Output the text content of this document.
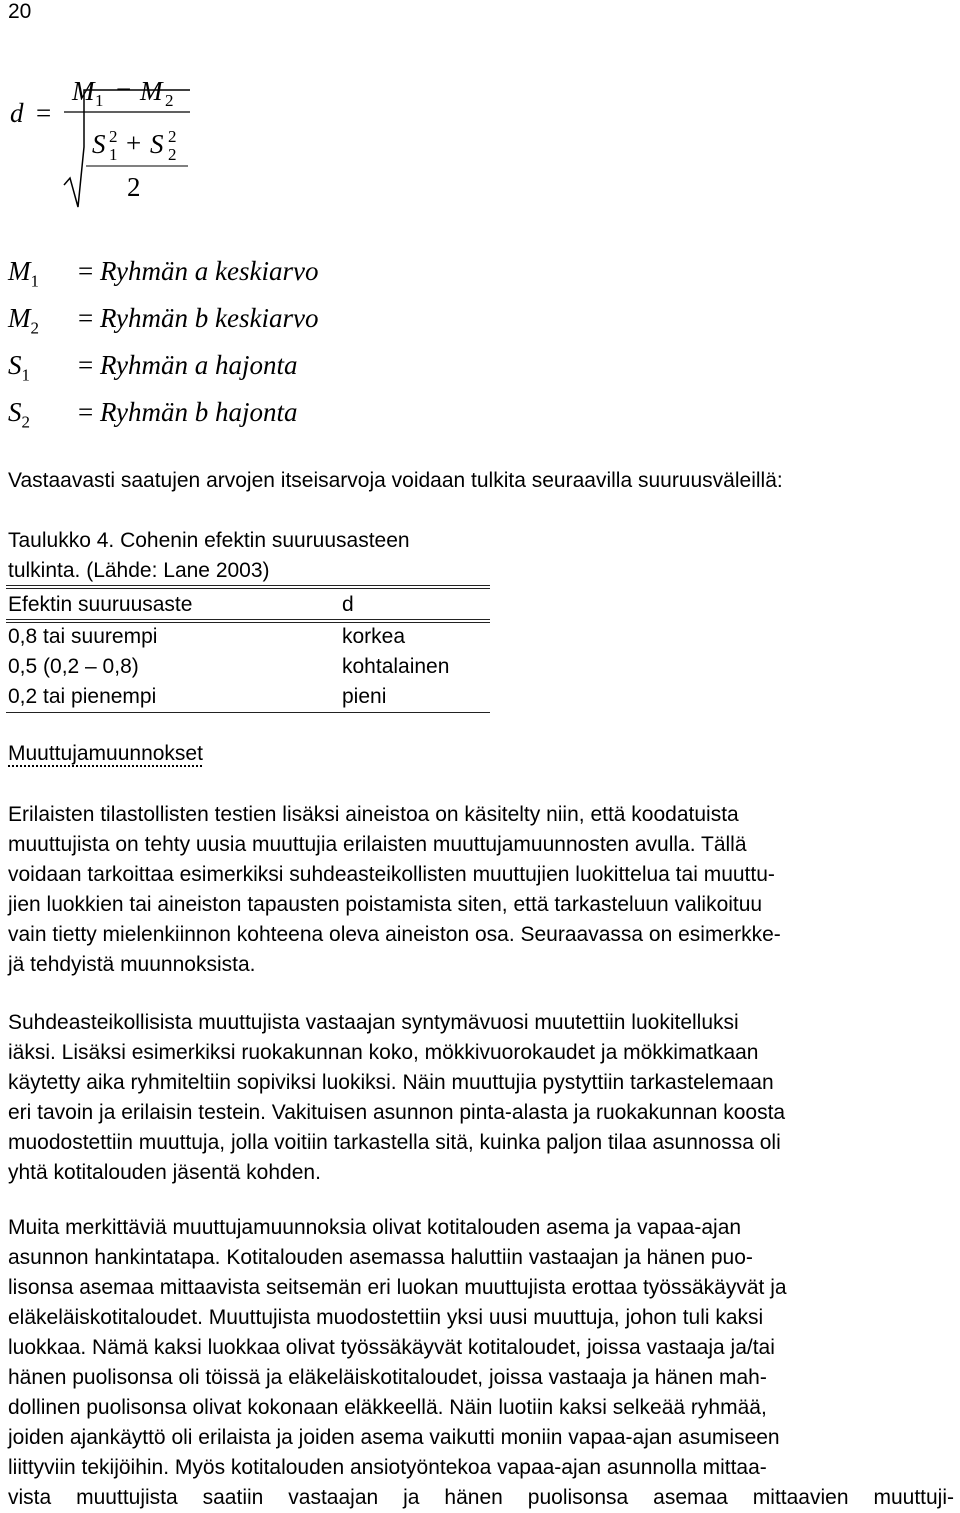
20
d =
M 1 − M 2
S 1
2 + S 2
2
2
$M_1$ = Ryhmän a keskiarvo
$M_2$ = Ryhmän b keskiarvo
$S_1$ = Ryhmän a hajonta
$S_2$ = Ryhmän b hajonta
Vastaavasti saatujen arvojen itseisarvoja voidaan tulkita seuraavilla suuruusväleillä:
Taulukko 4. Cohenin efektin suuruusasteen
tulkinta. (Lähde: Lane 2003)
Efektin suuruusaste	d
0,8 tai suurempi	korkea
0,5 (0,2 – 0,8)	kohtalainen
0,2 tai pienempi	pieni
Muuttujamuunnokset
Erilaisten tilastollisten testien lisäksi aineistoa on käsitelty niin, että koodatuista
muuttujista on tehty uusia muuttujia erilaisten muuttujamuunnosten avulla. Tällä
voidaan tarkoittaa esimerkiksi suhdeasteikollisten muuttujien luokittelua tai muuttu-
jien luokkien tai aineiston tapausten poistamista siten, että tarkasteluun valikoituu
vain tietty mielenkiinnon kohteena oleva aineiston osa. Seuraavassa on esimerkke-
jä tehdyistä muunnoksista.
Suhdeasteikollisista muuttujista vastaajan syntymävuosi muutettiin luokitelluksi
iäksi. Lisäksi esimerkiksi ruokakunnan koko, mökkivuorokaudet ja mökkimatkaan
käytetty aika ryhmiteltiin sopiviksi luokiksi. Näin muuttujia pystyttiin tarkastelemaan
eri tavoin ja erilaisin testein. Vakituisen asunnon pinta-alasta ja ruokakunnan koosta
muodostettiin muuttuja, jolla voitiin tarkastella sitä, kuinka paljon tilaa asunnossa oli
yhtä kotitalouden jäsentä kohden.
Muita merkittäviä muuttujamuunnoksia olivat kotitalouden asema ja vapaa-ajan
asunnon hankintatapa. Kotitalouden asemassa haluttiin vastaajan ja hänen puo-
lisonsa asemaa mittaavista seitsemän eri luokan muuttujista erottaa työssäkäyvät ja
eläkeläiskotitaloudet. Muuttujista muodostettiin yksi uusi muuttuja, johon tuli kaksi
luokkaa. Nämä kaksi luokkaa olivat työssäkäyvät kotitaloudet, joissa vastaaja ja/tai
hänen puolisonsa oli töissä ja eläkeläiskotitaloudet, joissa vastaaja ja hänen mah-
dollinen puolisonsa olivat kokonaan eläkkeellä. Näin luotiin kaksi selkeää ryhmää,
joiden ajankäyttö oli erilaista ja joiden asema vaikutti moniin vapaa-ajan asumiseen
liittyviin tekijöihin. Myös kotitalouden ansiotyöntekoa vapaa-ajan asunnolla mittaa-
vista muuttujista saatiin vastaajan ja hänen puolisonsa asemaa mittaavien muuttuji-
